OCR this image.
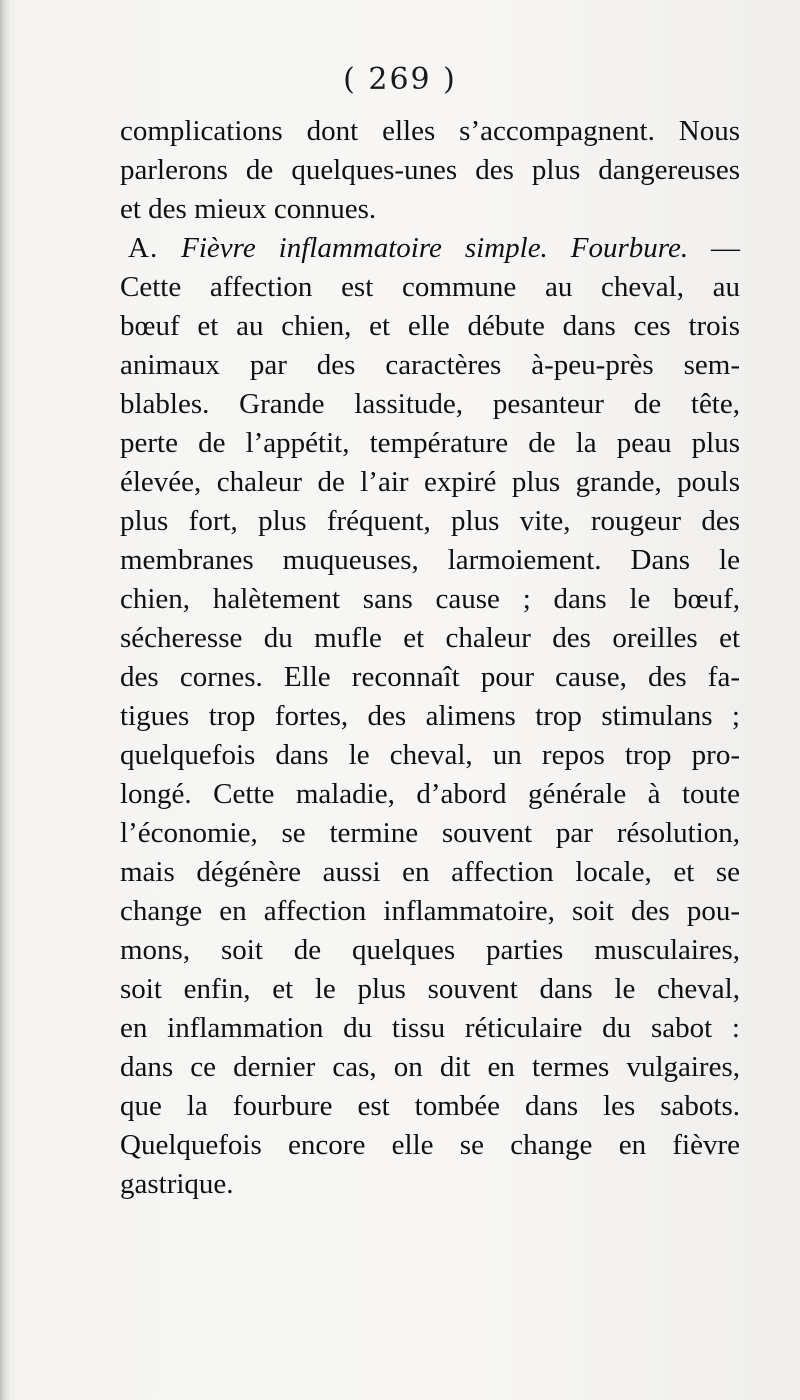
( 269 )
complications dont elles s’accompagnent. Nous
parlerons de quelques-unes des plus dangereuses
et des mieux connues.
A. Fièvre inflammatoire simple. Fourbure. —
Cette affection est commune au cheval, au
bœuf et au chien, et elle débute dans ces trois
animaux par des caractères à-peu-près sem-
blables. Grande lassitude, pesanteur de tête,
perte de l’appétit, température de la peau plus
élevée, chaleur de l’air expiré plus grande, pouls
plus fort, plus fréquent, plus vite, rougeur des
membranes muqueuses, larmoiement. Dans le
chien, halètement sans cause ; dans le bœuf,
sécheresse du mufle et chaleur des oreilles et
des cornes. Elle reconnaît pour cause, des fa-
tigues trop fortes, des alimens trop stimulans ;
quelquefois dans le cheval, un repos trop pro-
longé. Cette maladie, d’abord générale à toute
l’économie, se termine souvent par résolution,
mais dégénère aussi en affection locale, et se
change en affection inflammatoire, soit des pou-
mons, soit de quelques parties musculaires,
soit enfin, et le plus souvent dans le cheval,
en inflammation du tissu réticulaire du sabot :
dans ce dernier cas, on dit en termes vulgaires,
que la fourbure est tombée dans les sabots.
Quelquefois encore elle se change en fièvre
gastrique.
